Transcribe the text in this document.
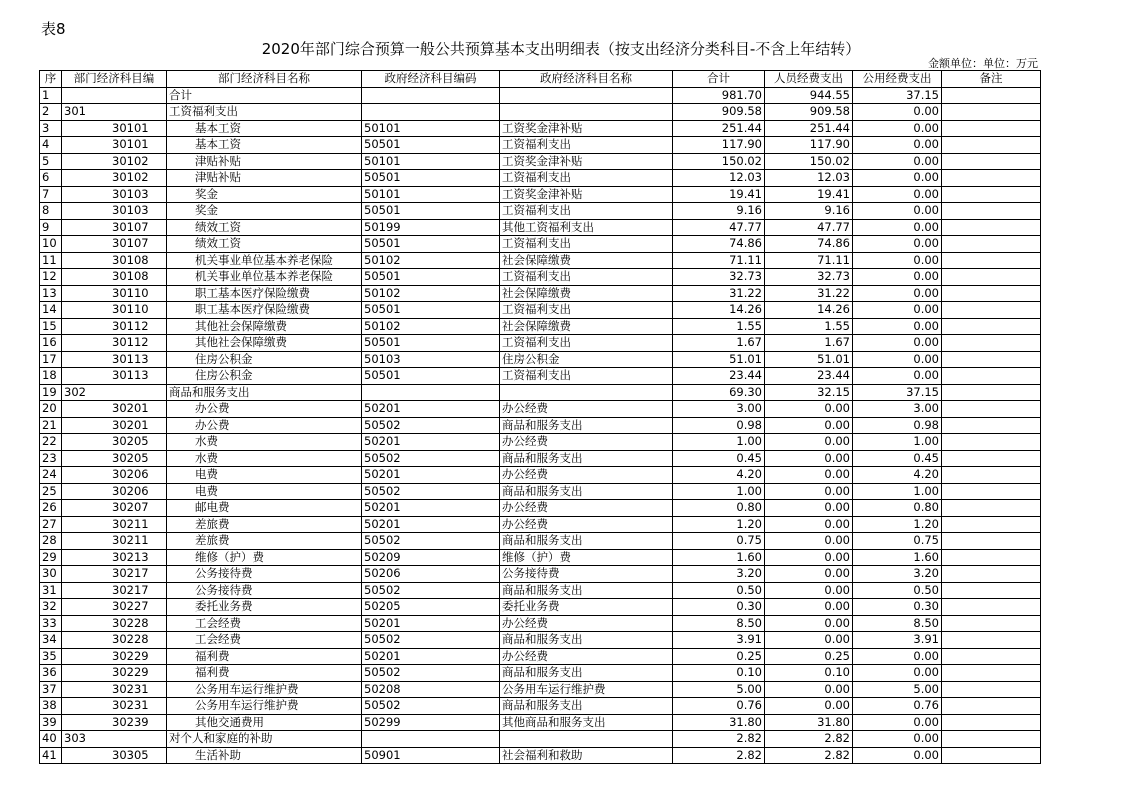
表8
2020年部门综合预算一般公共预算基本支出明细表（按支出经济分类科目-不含上年结转）
金额单位：单位：万元
序	部门经济科目编	部门经济科目名称	政府经济科目编码	政府经济科目名称	合计	人员经费支出	公用经费支出	备注
1		合计			981.70	944.55	37.15	
2	301	工资福利支出			909.58	909.58	0.00	
3	30101	基本工资	50101	工资奖金津补贴	251.44	251.44	0.00	
4	30101	基本工资	50501	工资福利支出	117.90	117.90	0.00	
5	30102	津贴补贴	50101	工资奖金津补贴	150.02	150.02	0.00	
6	30102	津贴补贴	50501	工资福利支出	12.03	12.03	0.00	
7	30103	奖金	50101	工资奖金津补贴	19.41	19.41	0.00	
8	30103	奖金	50501	工资福利支出	9.16	9.16	0.00	
9	30107	绩效工资	50199	其他工资福利支出	47.77	47.77	0.00	
10	30107	绩效工资	50501	工资福利支出	74.86	74.86	0.00	
11	30108	机关事业单位基本养老保险	50102	社会保障缴费	71.11	71.11	0.00	
12	30108	机关事业单位基本养老保险	50501	工资福利支出	32.73	32.73	0.00	
13	30110	职工基本医疗保险缴费	50102	社会保障缴费	31.22	31.22	0.00	
14	30110	职工基本医疗保险缴费	50501	工资福利支出	14.26	14.26	0.00	
15	30112	其他社会保障缴费	50102	社会保障缴费	1.55	1.55	0.00	
16	30112	其他社会保障缴费	50501	工资福利支出	1.67	1.67	0.00	
17	30113	住房公积金	50103	住房公积金	51.01	51.01	0.00	
18	30113	住房公积金	50501	工资福利支出	23.44	23.44	0.00	
19	302	商品和服务支出			69.30	32.15	37.15	
20	30201	办公费	50201	办公经费	3.00	0.00	3.00	
21	30201	办公费	50502	商品和服务支出	0.98	0.00	0.98	
22	30205	水费	50201	办公经费	1.00	0.00	1.00	
23	30205	水费	50502	商品和服务支出	0.45	0.00	0.45	
24	30206	电费	50201	办公经费	4.20	0.00	4.20	
25	30206	电费	50502	商品和服务支出	1.00	0.00	1.00	
26	30207	邮电费	50201	办公经费	0.80	0.00	0.80	
27	30211	差旅费	50201	办公经费	1.20	0.00	1.20	
28	30211	差旅费	50502	商品和服务支出	0.75	0.00	0.75	
29	30213	维修（护）费	50209	维修（护）费	1.60	0.00	1.60	
30	30217	公务接待费	50206	公务接待费	3.20	0.00	3.20	
31	30217	公务接待费	50502	商品和服务支出	0.50	0.00	0.50	
32	30227	委托业务费	50205	委托业务费	0.30	0.00	0.30	
33	30228	工会经费	50201	办公经费	8.50	0.00	8.50	
34	30228	工会经费	50502	商品和服务支出	3.91	0.00	3.91	
35	30229	福利费	50201	办公经费	0.25	0.25	0.00	
36	30229	福利费	50502	商品和服务支出	0.10	0.10	0.00	
37	30231	公务用车运行维护费	50208	公务用车运行维护费	5.00	0.00	5.00	
38	30231	公务用车运行维护费	50502	商品和服务支出	0.76	0.00	0.76	
39	30239	其他交通费用	50299	其他商品和服务支出	31.80	31.80	0.00	
40	303	对个人和家庭的补助			2.82	2.82	0.00	
41	30305	生活补助	50901	社会福利和救助	2.82	2.82	0.00	
